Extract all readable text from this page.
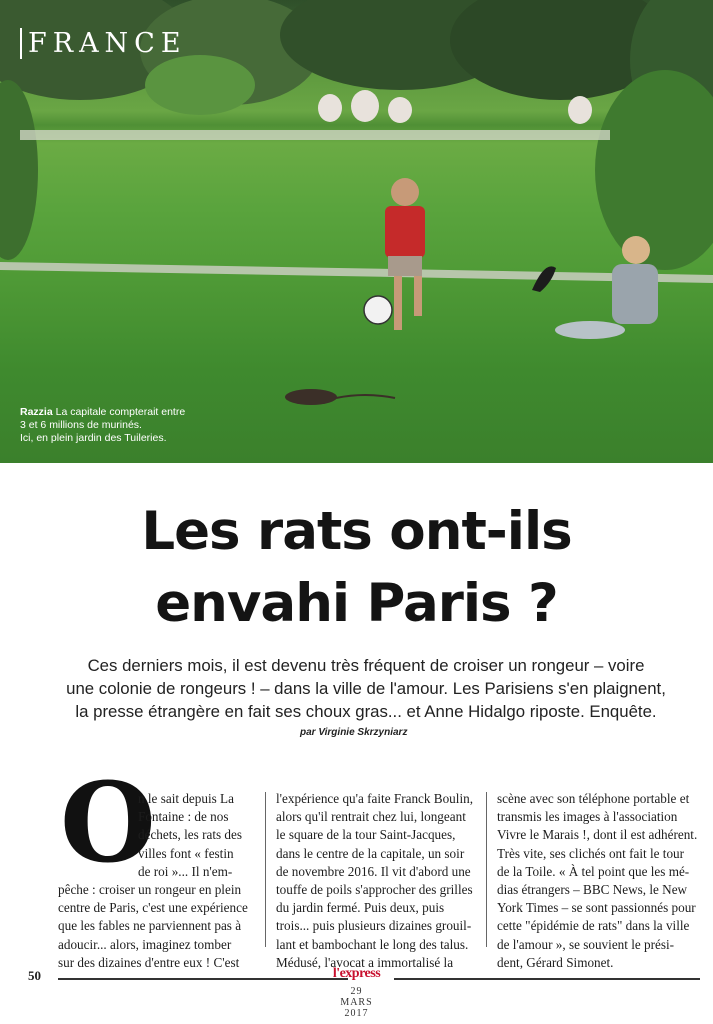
FRANCE
Razzia La capitale compterait entre
3 et 6 millions de murinés.
Ici, en plein jardin des Tuileries.
Les rats ont-ils
envahi Paris ?
Ces derniers mois, il est devenu très fréquent de croiser un rongeur – voire
une colonie de rongeurs ! – dans la ville de l'amour. Les Parisiens s'en plaignent,
la presse étrangère en fait ses choux gras... et Anne Hidalgo riposte. Enquête.
par Virginie Skrzyniarz
O
n le sait depuis La
Fontaine : de nos
déchets, les rats des
villes font « festin
de roi »... Il n'em-
pêche : croiser un rongeur en plein
centre de Paris, c'est une expérience
que les fables ne parviennent pas à
adoucir... alors, imaginez tomber
sur des dizaines d'entre eux ! C'est
l'expérience qu'a faite Franck Boulin,
alors qu'il rentrait chez lui, longeant
le square de la tour Saint-Jacques,
dans le centre de la capitale, un soir
de novembre 2016. Il vit d'abord une
touffe de poils s'approcher des grilles
du jardin fermé. Puis deux, puis
trois... puis plusieurs dizaines grouil-
lant et bambochant le long des talus.
Médusé, l'avocat a immortalisé la
scène avec son téléphone portable et
transmis les images à l'association
Vivre le Marais !, dont il est adhérent.
Très vite, ses clichés ont fait le tour
de la Toile. « À tel point que les mé-
dias étrangers – BBC News, le New
York Times – se sont passionnés pour
cette "épidémie de rats" dans la ville
de l'amour », se souvient le prési-
dent, Gérard Simonet.
50	l'express
29
MARS
2017
